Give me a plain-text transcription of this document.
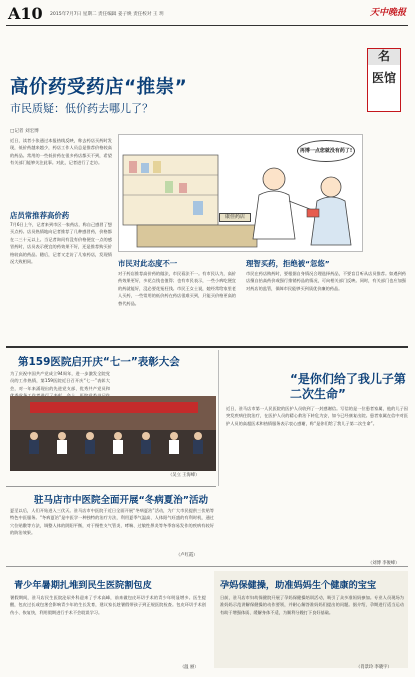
A10 2015年7月7日 星期二 责任编辑 姜子焕 责任校对 王 玥	天中晚报
名
医馆
高价药受药店“推崇”
市民质疑：低价药去哪儿了？
□记者 刘宏博
近日，读者小张通过本报热线反映，称去药店买药时发现，低价药越来越少，药店工作人员总是推荐价格较高的药品。常用的一些低价药在很多药店都买不到，希望有关部门能够关注此事。对此，记者进行了走访。
店员常推荐高价药
7月6日上午，记者来到市区一家药店，称自己感冒了想买点药。店员热情地向记者推荐了几种感冒药，价格都在二三十元以上。当记者询问有没有价格便宜一点的感冒药时，店员表示便宜的药效果不好，还是推荐购买价格较高的药品。随后，记者又走访了几家药店，发现情况大致相同。
再博一点您就没有药了!
康佳药店
市民对此态度不一
对于药店推荐高价药的做法，市民看法不一。有市民认为，高价药效果更好，多花点钱也值得；也有市民表示，一些小病吃便宜的药就能好，没必要花冤枉钱。市民王女士说，她经常给家里老人买药，一些常用的低价药在药店很难买到，只能买价格更高的替代药品。
理智买药，拒绝被“忽悠”
市民在药店购药时，要根据自身情况合理选择药品，不要盲目听从店员推荐。如遇到药店擅自抬高药价或强行推销药品的情况，可向相关部门反映。同时，有关部门也应加强对药店的监管，保障市民能够买到质优价廉的药品。
第159医院启开庆“七一”表彰大会
为了庆祝中国共产党成立94周年，进一步激发全院党员的工作热情，第159医院近日召开庆“七一”表彰大会，对一年来涌现出的先进党支部、优秀共产党员和
（吴立 王海峰）
“是你们给了我儿子第二次生命”
近日，驻马店市第一人民医院的医护人员收到了一封感谢信。写信的是一位患者家属，他的儿子因突发疾病住院治疗，在医护人员的精心救治下转危为安，如今已经康复出院。患者家属在信中对医护人员的高超医术和热情服务表示衷心感谢，称“是你们给了我儿子第二次生命”。
（刘博 李俊峰）
驻马店市中医院全面开展“冬病夏治”活动
夏至以后，人们开始进入三伏天。驻马店市中医院于近日全面开展“冬病夏治”活动，为广大市民提供三伏贴等特色中医服务。“冬病夏治”是中医学一种独特的治疗方法，利用夏季气温高、人体阳气旺盛的有利时机，通过穴位贴敷等方法，调整人体的阴阳平衡，对于慢性支气管炎、哮喘、过敏性鼻炎等冬季容易发作的疾病有较好的防治效果。
（卢红霞）
青少年暑期扎堆到民生医院割包皮
暑假期间，驻马店民生医院泌尿外科迎来了手术高峰，前来做包皮环切手术的青少年明显增多。医生提醒，包皮过长或包茎会影响青少年的生长发育，建议家长趁暑假带孩子到正规医院检查。包皮环切手术创伤小、恢复快，利用假期进行手术不会耽误学习。
（温 丽）
孕妈保健操，助准妈妈生个健康的宝宝
日前，驻马店市妇幼保健院开展了孕妈保健操培训活动，吸引了众多准妈妈参加。专业人员现场为准妈妈示范讲解保健操的动作要领，并耐心解答准妈妈们提出的问题。据介绍，孕期进行适当运动有助于增强体质、缓解身体不适，为顺利分娩打下良好基础。
（肖景玲 李晓宇）
